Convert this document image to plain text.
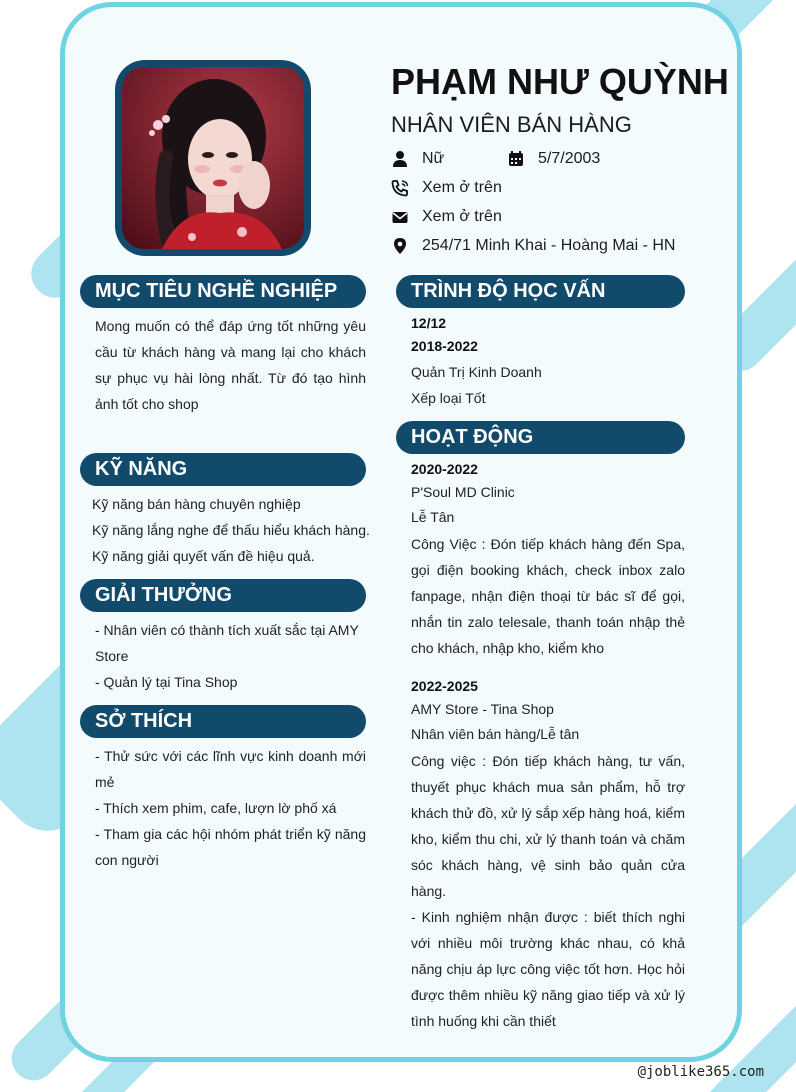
PHẠM NHƯ QUỲNH
NHÂN VIÊN BÁN HÀNG
Nữ	5/7/2003
Xem ở trên
Xem ở trên
254/71 Minh Khai - Hoàng Mai - HN
MỤC TIÊU NGHỀ NGHIỆP
Mong muốn có thể đáp ứng tốt những yêu cầu từ khách hàng và mang lại cho khách sự phục vụ hài lòng nhất. Từ đó tạo hình ảnh tốt cho shop
KỸ NĂNG
Kỹ năng bán hàng chuyên nghiệp
Kỹ năng lắng nghe để thấu hiểu khách hàng.
Kỹ năng giải quyết vấn đề hiệu quả.
GIẢI THƯỞNG
- Nhân viên có thành tích xuất sắc tại AMY Store
- Quản lý tại Tina Shop
SỞ THÍCH
- Thử sức với các lĩnh vực kinh doanh mới mẻ
- Thích xem phim, cafe, lượn lờ phố xá
- Tham gia các hội nhóm phát triển kỹ năng con người
TRÌNH ĐỘ HỌC VẤN
12/12
2018-2022
Quản Trị Kinh Doanh
Xếp loại Tốt
HOẠT ĐỘNG
2020-2022
P'Soul MD Clinic
Lễ Tân
Công Việc : Đón tiếp khách hàng đến Spa, gọi điện booking khách, check inbox zalo fanpage, nhận điện thoại từ bác sĩ để gọi, nhắn tin zalo telesale, thanh toán nhập thẻ cho khách, nhập kho, kiểm kho
2022-2025
AMY Store - Tina Shop
Nhân viên bán hàng/Lễ tân
Công việc : Đón tiếp khách hàng, tư vấn, thuyết phục khách mua sản phẩm, hỗ trợ khách thử đồ, xử lý sắp xếp hàng hoá, kiểm kho, kiểm thu chi, xử lý thanh toán và chăm sóc khách hàng, vệ sinh bảo quản cửa hàng.
- Kinh nghiệm nhận được : biết thích nghi với nhiều môi trường khác nhau, có khả năng chịu áp lực công việc tốt hơn. Học hỏi được thêm nhiều kỹ năng giao tiếp và xử lý tình huống khi cần thiết
@joblike365.com
